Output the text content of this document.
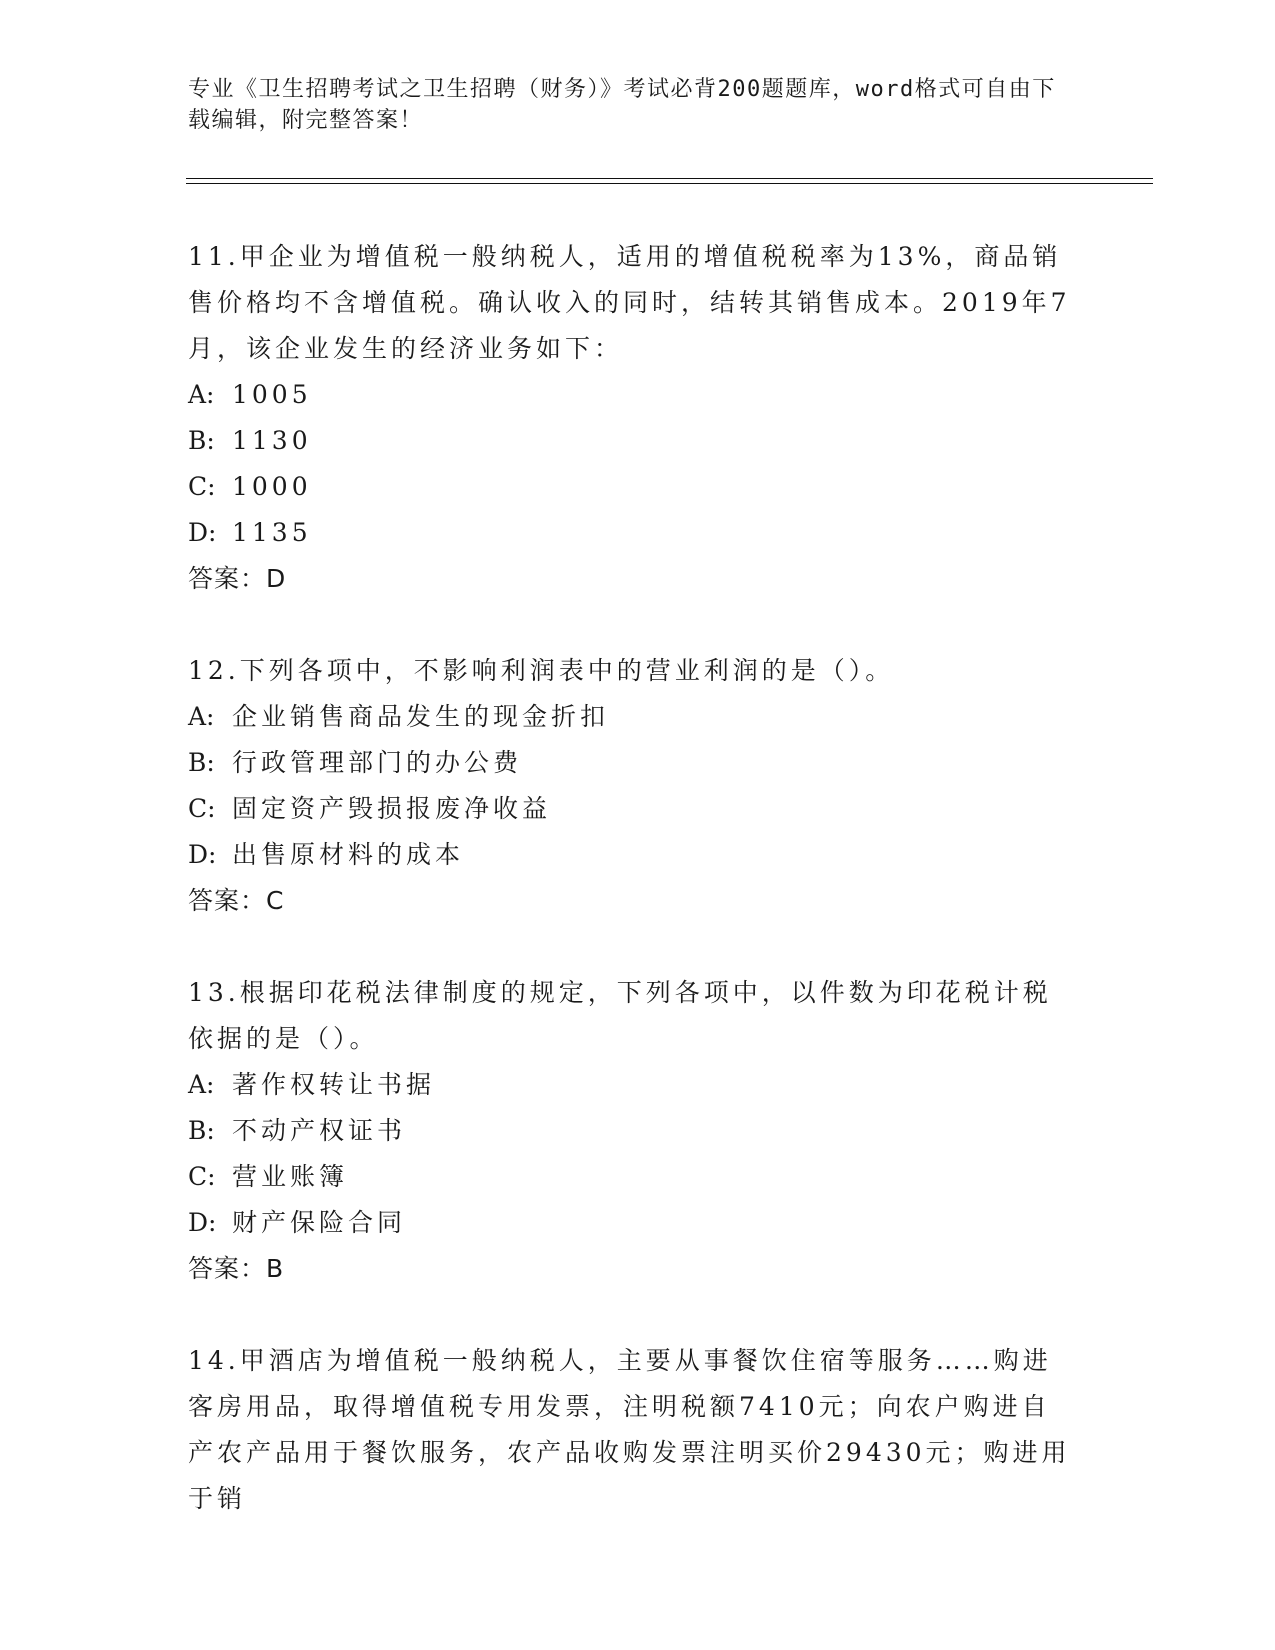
专业《卫生招聘考试之卫生招聘（财务）》考试必背200题题库，word格式可自由下载编辑，附完整答案！

11.甲企业为增值税一般纳税人，适用的增值税税率为13%，商品销售价格均不含增值税。确认收入的同时，结转其销售成本。2019年7月，该企业发生的经济业务如下：

A: 1005
B: 1130
C: 1000
D: 1135
答案：D

12.下列各项中，不影响利润表中的营业利润的是（）。

A: 企业销售商品发生的现金折扣
B: 行政管理部门的办公费
C: 固定资产毁损报废净收益
D: 出售原材料的成本
答案：C

13.根据印花税法律制度的规定，下列各项中，以件数为印花税计税依据的是（）。

A: 著作权转让书据
B: 不动产权证书
C: 营业账簿
D: 财产保险合同
答案：B

14.甲酒店为增值税一般纳税人，主要从事餐饮住宿等服务……购进客房用品，取得增值税专用发票，注明税额7410元；向农户购进自产农产品用于餐饮服务，农产品收购发票注明买价29430元；购进用于销
